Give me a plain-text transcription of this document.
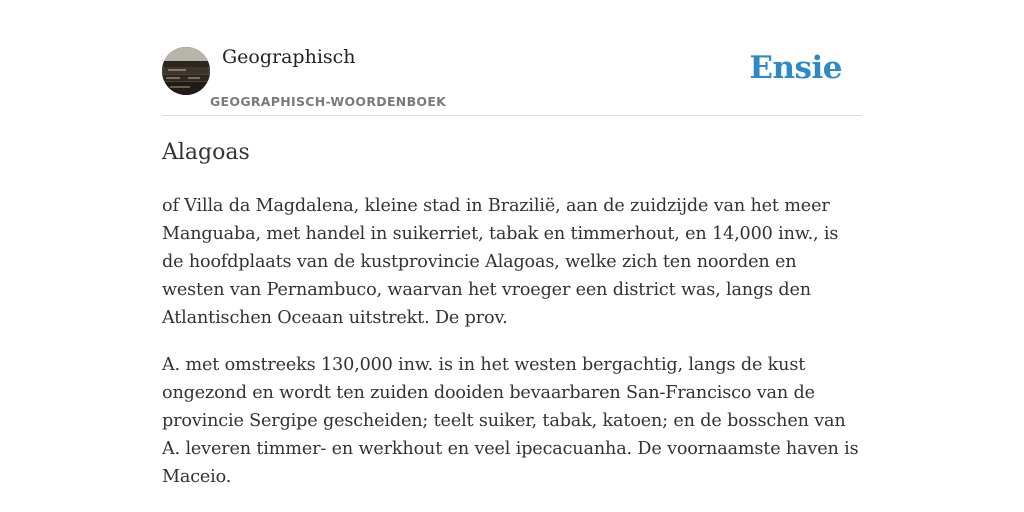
Geographisch
GEOGRAPHISCH-WOORDENBOEK
Ensie
Alagoas

of Villa da Magdalena, kleine stad in Brazilië, aan de zuidzijde van het meer Manguaba, met handel in suikerriet, tabak en timmerhout, en 14,000 inw., is de hoofdplaats van de kustprovincie Alagoas, welke zich ten noorden en westen van Pernambuco, waarvan het vroeger een district was, langs den Atlantischen Oceaan uitstrekt. De prov.

A. met omstreeks 130,000 inw. is in het westen bergachtig, langs de kust ongezond en wordt ten zuiden dooiden bevaarbaren San-Francisco van de provincie Sergipe gescheiden; teelt suiker, tabak, katoen; en de bosschen van A. leveren timmer- en werkhout en veel ipecacuanha. De voornaamste haven is Maceio.
